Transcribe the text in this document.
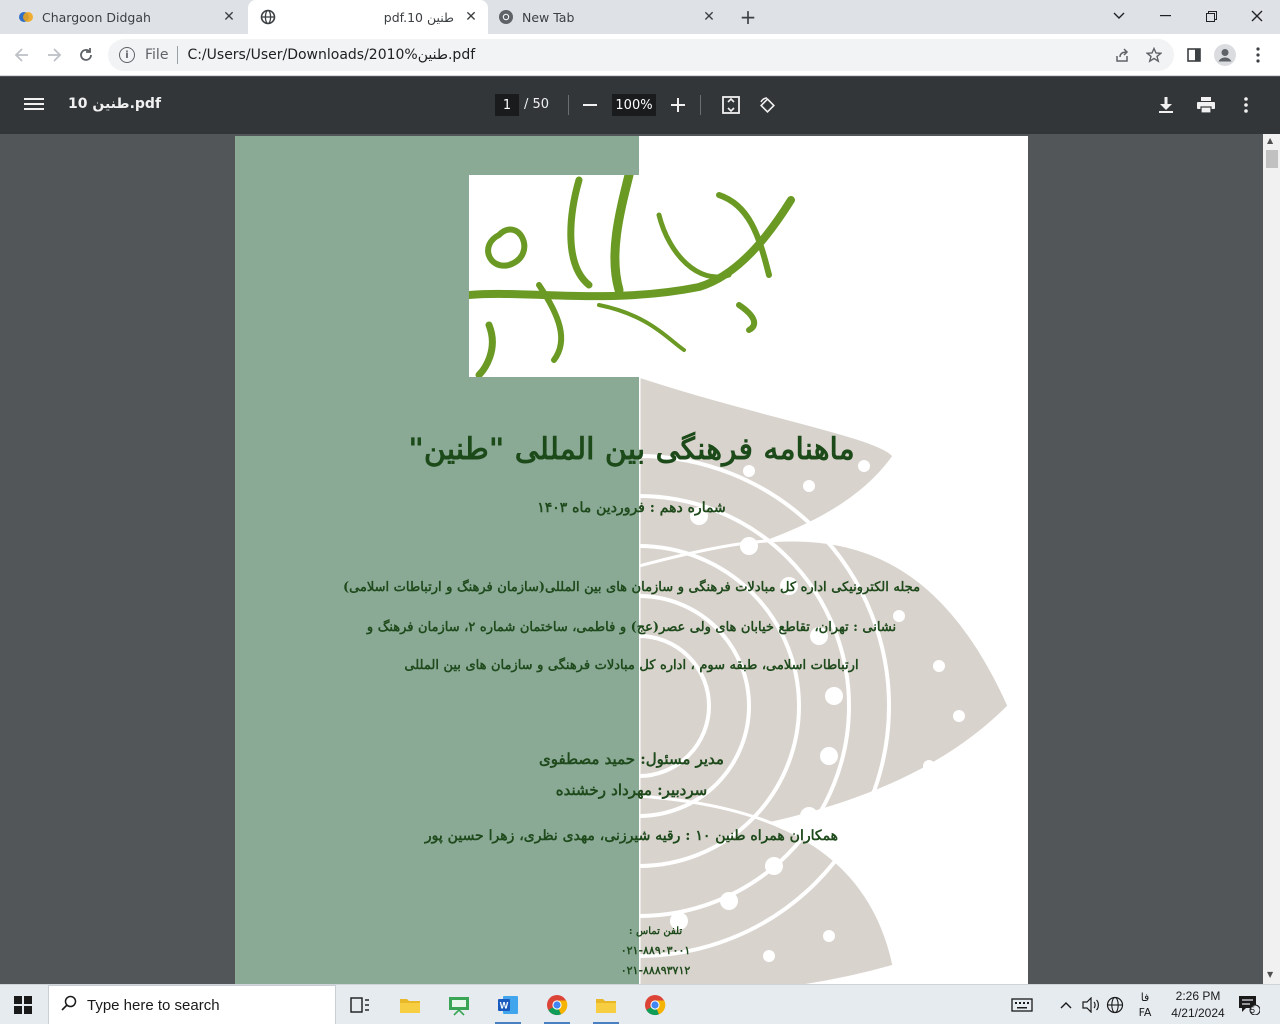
Chargoon Didgah	✕	pdf.10 طنین ✕	New Tab	✕ +
i	File C:/Users/User/Downloads/2010%طنین.pdf
طنین 10.pdf	1 / 50	100%
ماهنامه فرهنگی بین المللی "طنین"
شماره دهم : فروردین ماه ۱۴۰۳
مجله الکترونیکی اداره کل مبادلات فرهنگی و سازمان های بین المللی(سازمان فرهنگ و ارتباطات اسلامی)
نشانی : تهران، تقاطع خیابان های ولی عصر(عج) و فاطمی، ساختمان شماره ۲، سازمان فرهنگ و
ارتباطات اسلامی، طبقه سوم ، اداره کل مبادلات فرهنگی و سازمان های بین المللی
مدیر مسئول: حمید مصطفوی
سردبیر: مهرداد رخشنده
همکاران همراه طنین ۱۰ : رقیه شیرزنی، مهدی نظری، زهرا حسین پور
تلفن تماس :
۰۲۱-۸۸۹۰۳۰۰۱
۰۲۱-۸۸۸۹۳۷۱۲
▲
▼
Type here to search	W
فا
FA
2:26 PM
4/21/2024	5
